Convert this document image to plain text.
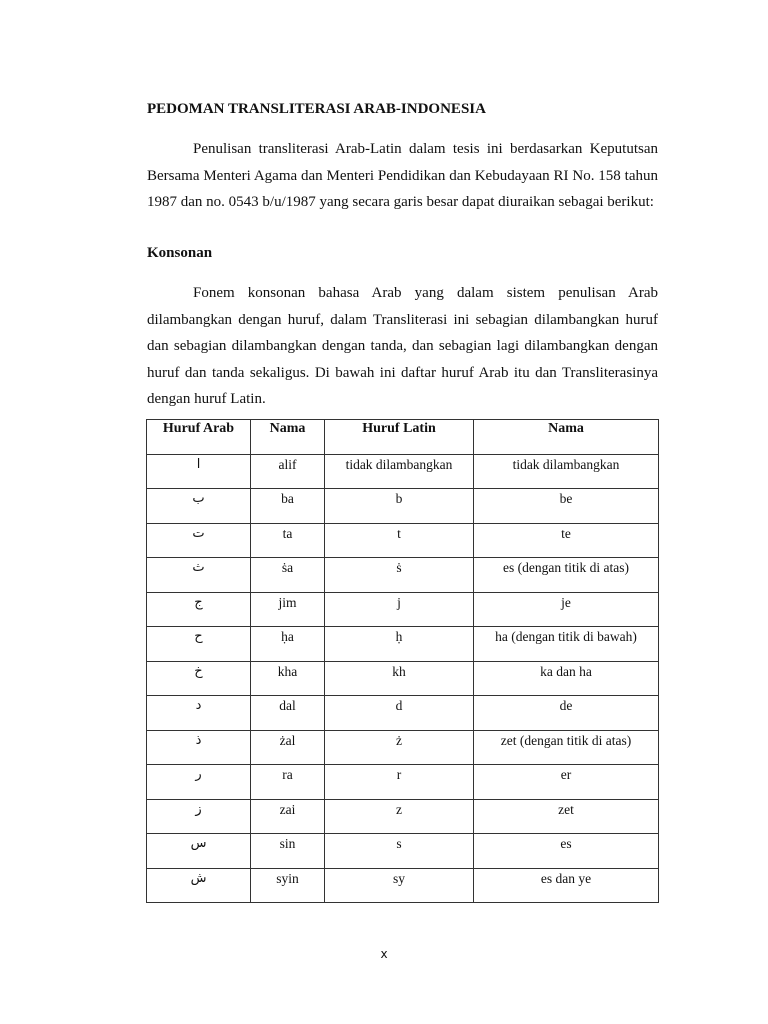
PEDOMAN TRANSLITERASI ARAB-INDONESIA

Penulisan transliterasi Arab-Latin dalam tesis ini berdasarkan Kepututsan Bersama Menteri Agama dan Menteri Pendidikan dan Kebudayaan RI No. 158 tahun 1987 dan no. 0543 b/u/1987 yang secara garis besar dapat diuraikan sebagai berikut:

Konsonan

Fonem konsonan bahasa Arab yang dalam sistem penulisan Arab dilambangkan dengan huruf, dalam Transliterasi ini sebagian dilambangkan huruf dan sebagian dilambangkan dengan tanda, dan sebagian lagi dilambangkan dengan huruf dan tanda sekaligus. Di bawah ini daftar huruf Arab itu dan Transliterasinya dengan huruf Latin.

Huruf Arab	Nama	Huruf Latin	Nama
ا	alif	tidak dilambangkan	tidak dilambangkan
ب	ba	b	be
ت	ta	t	te
ث	ṡa	ṡ	es (dengan titik di atas)
ج	jim	j	je
ح	ḥa	ḥ	ha (dengan titik di bawah)
خ	kha	kh	ka dan ha
د	dal	d	de
ذ	żal	ż	zet (dengan titik di atas)
ر	ra	r	er
ز	zai	z	zet
س	sin	s	es
ش	syin	sy	es dan ye
x
